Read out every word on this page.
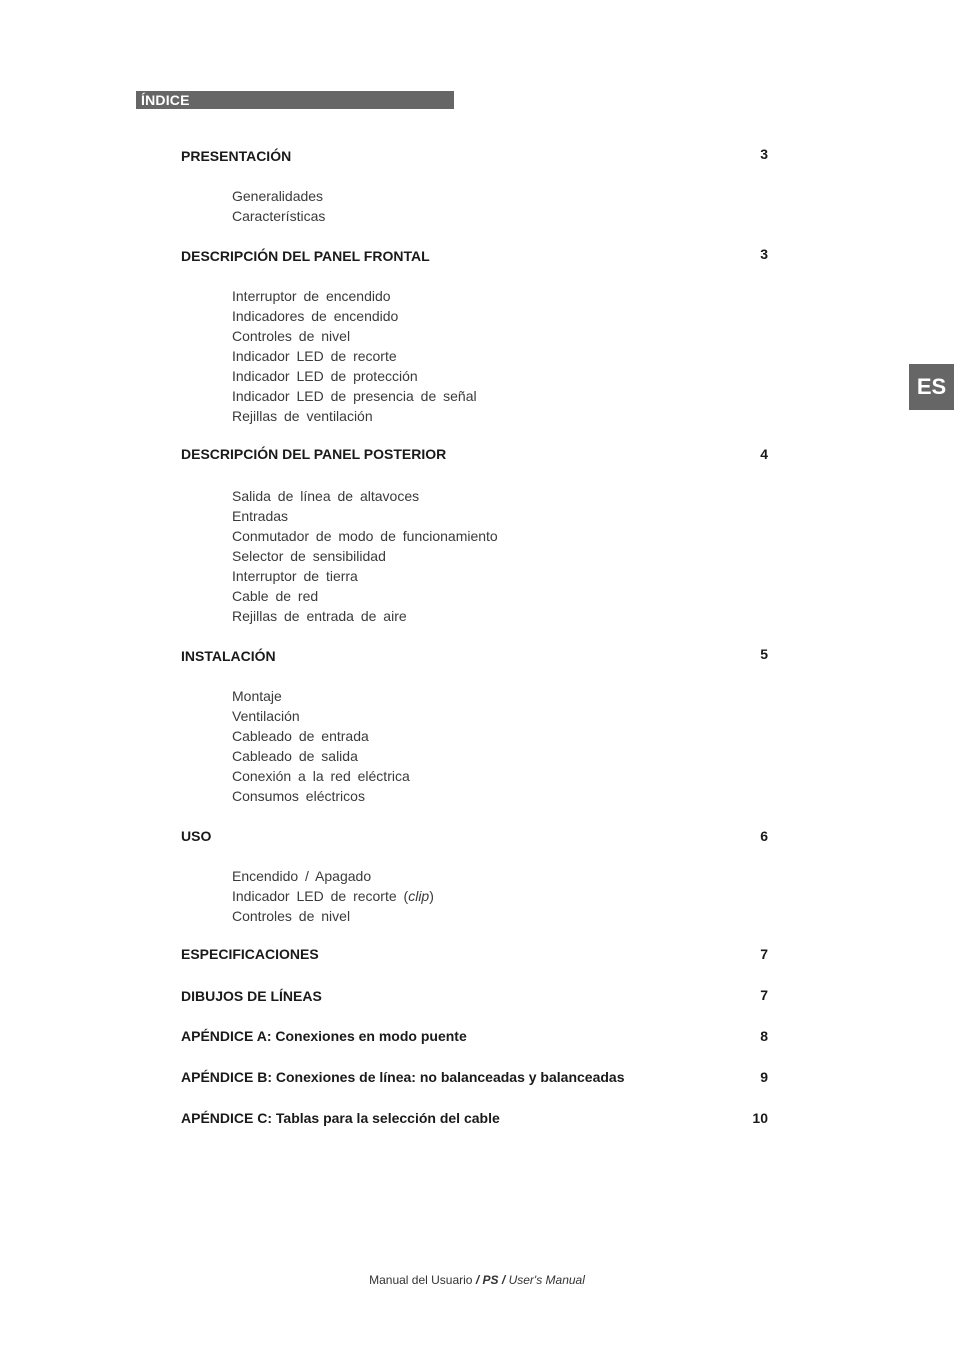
ÍNDICE
ES
PRESENTACIÓN	3
Generalidades
Características
DESCRIPCIÓN DEL PANEL FRONTAL	3
Interruptor de encendido
Indicadores de encendido
Controles de nivel
Indicador LED de recorte
Indicador LED de protección
Indicador LED de presencia de señal
Rejillas de ventilación
DESCRIPCIÓN DEL PANEL POSTERIOR	4
Salida de línea de altavoces
Entradas
Conmutador de modo de funcionamiento
Selector de sensibilidad
Interruptor de tierra
Cable de red
Rejillas de entrada de aire
INSTALACIÓN	5
Montaje
Ventilación
Cableado de entrada
Cableado de salida
Conexión a la red eléctrica
Consumos eléctricos
USO	6
Encendido / Apagado
Indicador LED de recorte (clip)
Controles de nivel
ESPECIFICACIONES	7
DIBUJOS DE LÍNEAS	7
APÉNDICE A: Conexiones en modo puente	8
APÉNDICE B: Conexiones de línea: no balanceadas y balanceadas	9
APÉNDICE C: Tablas para la selección del cable	10
Manual del Usuario / PS / User's Manual
